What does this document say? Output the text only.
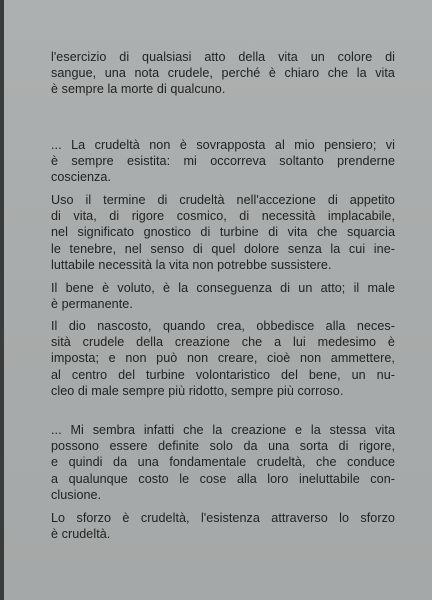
l'esercizio di qualsiasi atto della vita un colore di
sangue, una nota crudele, perché è chiaro che la vita
è sempre la morte di qualcuno.
... La crudeltà non è sovrapposta al mio pensiero; vi
è sempre esistita: mi occorreva soltanto prenderne
coscienza.
Uso il termine di crudeltà nell'accezione di appetito
di vita, di rigore cosmico, di necessità implacabile,
nel significato gnostico di turbine di vita che squarcia
le tenebre, nel senso di quel dolore senza la cui ine-
luttabile necessità la vita non potrebbe sussistere.
Il bene è voluto, è la conseguenza di un atto; il male
è permanente.
Il dio nascosto, quando crea, obbedisce alla neces-
sità crudele della creazione che a lui medesimo è
imposta; e non può non creare, cioè non ammettere,
al centro del turbine volontaristico del bene, un nu-
cleo di male sempre più ridotto, sempre più corroso.
... Mi sembra infatti che la creazione e la stessa vita
possono essere definite solo da una sorta di rigore,
e quindi da una fondamentale crudeltà, che conduce
a qualunque costo le cose alla loro ineluttabile con-
clusione.
Lo sforzo è crudeltà, l'esistenza attraverso lo sforzo
è crudeltà.
